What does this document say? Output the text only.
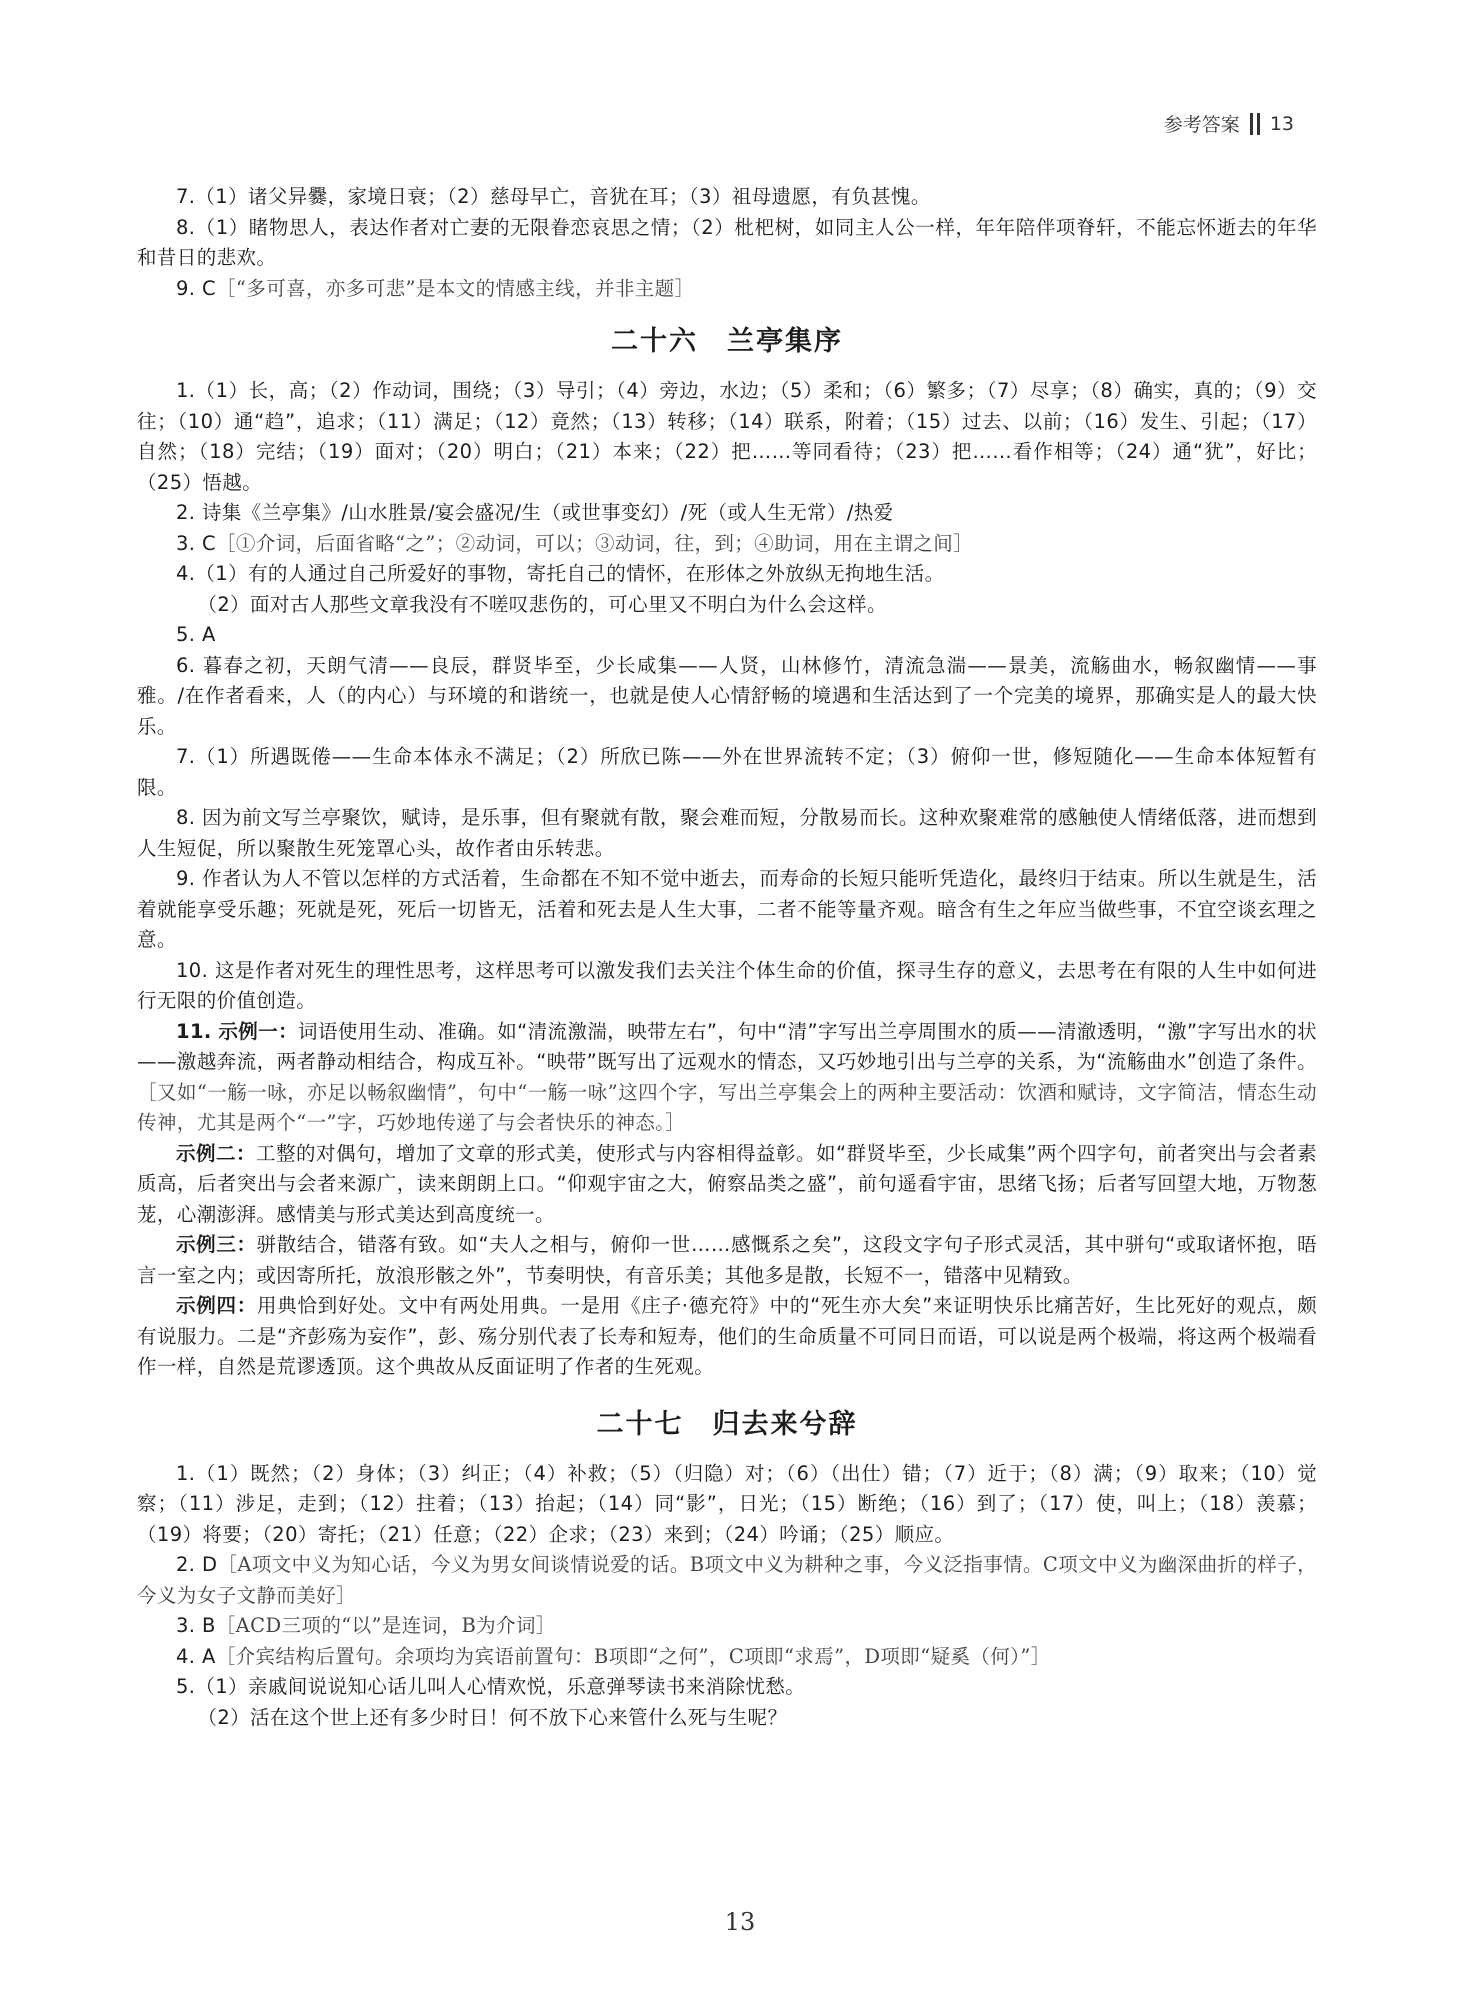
参考答案 13

7.（1）诸父异爨，家境日衰；（2）慈母早亡，音犹在耳；（3）祖母遗愿，有负甚愧。

8.（1）睹物思人，表达作者对亡妻的无限眷恋哀思之情；（2）枇杷树，如同主人公一样，年年陪伴项脊轩，不能忘怀逝去的年华和昔日的悲欢。

9. C［“多可喜，亦多可悲”是本文的情感主线，并非主题］

二十六　兰亭集序

1.（1）长，高；（2）作动词，围绕；（3）导引；（4）旁边，水边；（5）柔和；（6）繁多；（7）尽享；（8）确实，真的；（9）交往；（10）通“趋”，追求；（11）满足；（12）竟然；（13）转移；（14）联系，附着；（15）过去、以前；（16）发生、引起；（17）自然；（18）完结；（19）面对；（20）明白；（21）本来；（22）把……等同看待；（23）把……看作相等；（24）通“犹”，好比；（25）悟越。

2. 诗集《兰亭集》/山水胜景/宴会盛况/生（或世事变幻）/死（或人生无常）/热爱

3. C［①介词，后面省略“之”；②动词，可以；③动词，往，到；④助词，用在主谓之间］

4.（1）有的人通过自己所爱好的事物，寄托自己的情怀，在形体之外放纵无拘地生活。

（2）面对古人那些文章我没有不嗟叹悲伤的，可心里又不明白为什么会这样。

5. A

6. 暮春之初，天朗气清——良辰，群贤毕至，少长咸集——人贤，山林修竹，清流急湍——景美，流觞曲水，畅叙幽情——事雅。/在作者看来，人（的内心）与环境的和谐统一，也就是使人心情舒畅的境遇和生活达到了一个完美的境界，那确实是人的最大快乐。

7.（1）所遇既倦——生命本体永不满足；（2）所欣已陈——外在世界流转不定；（3）俯仰一世，修短随化——生命本体短暂有限。

8. 因为前文写兰亭聚饮，赋诗，是乐事，但有聚就有散，聚会难而短，分散易而长。这种欢聚难常的感触使人情绪低落，进而想到人生短促，所以聚散生死笼罩心头，故作者由乐转悲。

9. 作者认为人不管以怎样的方式活着，生命都在不知不觉中逝去，而寿命的长短只能听凭造化，最终归于结束。所以生就是生，活着就能享受乐趣；死就是死，死后一切皆无，活着和死去是人生大事，二者不能等量齐观。暗含有生之年应当做些事，不宜空谈玄理之意。

10. 这是作者对死生的理性思考，这样思考可以激发我们去关注个体生命的价值，探寻生存的意义，去思考在有限的人生中如何进行无限的价值创造。

11. 示例一：词语使用生动、准确。如“清流激湍，映带左右”，句中“清”字写出兰亭周围水的质——清澈透明，“激”字写出水的状——激越奔流，两者静动相结合，构成互补。“映带”既写出了远观水的情态，又巧妙地引出与兰亭的关系，为“流觞曲水”创造了条件。［又如“一觞一咏，亦足以畅叙幽情”，句中“一觞一咏”这四个字，写出兰亭集会上的两种主要活动：饮酒和赋诗，文字简洁，情态生动传神，尤其是两个“一”字，巧妙地传递了与会者快乐的神态。］

示例二：工整的对偶句，增加了文章的形式美，使形式与内容相得益彰。如“群贤毕至，少长咸集”两个四字句，前者突出与会者素质高，后者突出与会者来源广，读来朗朗上口。“仰观宇宙之大，俯察品类之盛”，前句遥看宇宙，思绪飞扬；后者写回望大地，万物葱茏，心潮澎湃。感情美与形式美达到高度统一。

示例三：骈散结合，错落有致。如“夫人之相与，俯仰一世……感慨系之矣”，这段文字句子形式灵活，其中骈句“或取诸怀抱，晤言一室之内；或因寄所托，放浪形骸之外”，节奏明快，有音乐美；其他多是散，长短不一，错落中见精致。

示例四：用典恰到好处。文中有两处用典。一是用《庄子·德充符》中的“死生亦大矣”来证明快乐比痛苦好，生比死好的观点，颇有说服力。二是“齐彭殇为妄作”，彭、殇分别代表了长寿和短寿，他们的生命质量不可同日而语，可以说是两个极端，将这两个极端看作一样，自然是荒谬透顶。这个典故从反面证明了作者的生死观。

二十七　归去来兮辞

1.（1）既然；（2）身体；（3）纠正；（4）补救；（5）（归隐）对；（6）（出仕）错；（7）近于；（8）满；（9）取来；（10）觉察；（11）涉足，走到；（12）拄着；（13）抬起；（14）同“影”，日光；（15）断绝；（16）到了；（17）使，叫上；（18）羡慕；（19）将要；（20）寄托；（21）任意；（22）企求；（23）来到；（24）吟诵；（25）顺应。

2. D［A项文中义为知心话，今义为男女间谈情说爱的话。B项文中义为耕种之事，今义泛指事情。C项文中义为幽深曲折的样子，今义为女子文静而美好］

3. B［ACD三项的“以”是连词，B为介词］

4. A［介宾结构后置句。余项均为宾语前置句：B项即“之何”，C项即“求焉”，D项即“疑奚（何）”］

5.（1）亲戚间说说知心话儿叫人心情欢悦，乐意弹琴读书来消除忧愁。

（2）活在这个世上还有多少时日！何不放下心来管什么死与生呢？

13
